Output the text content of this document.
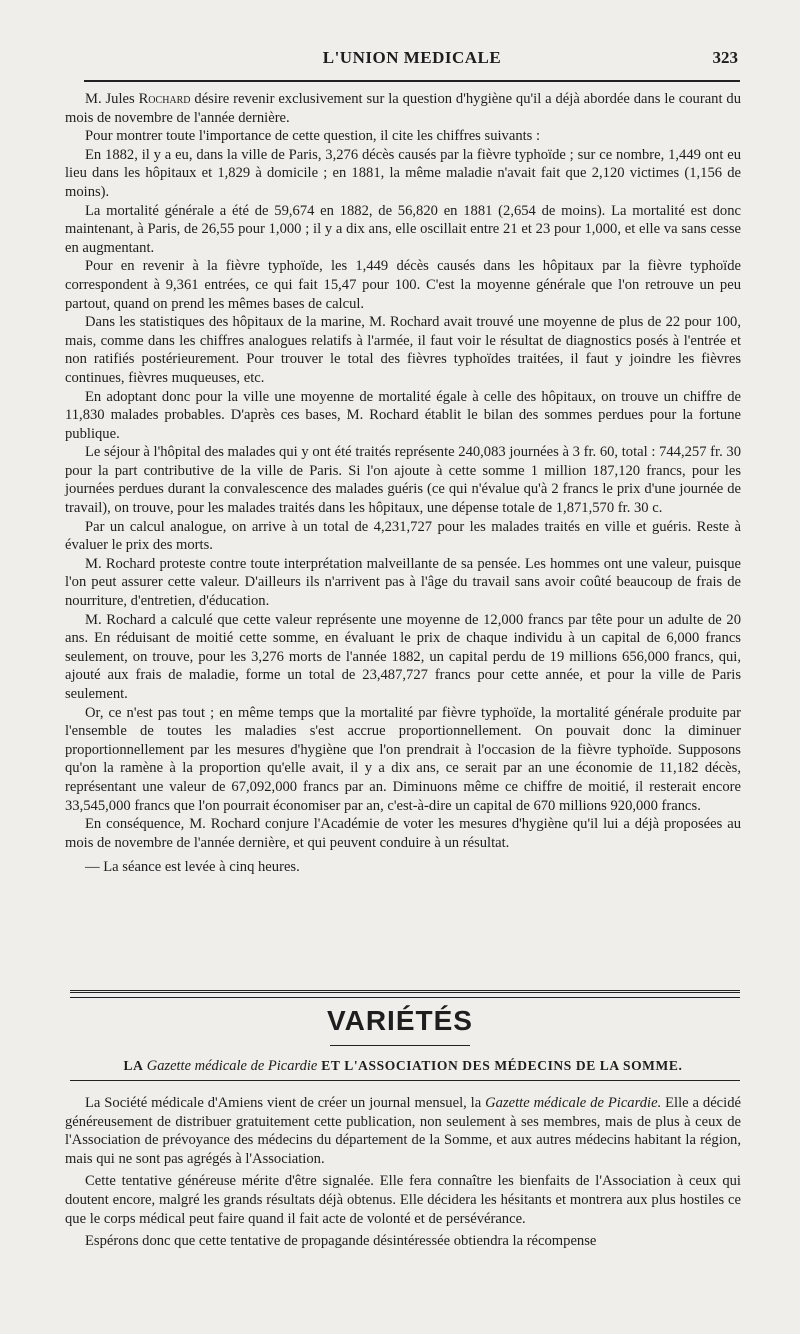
L'UNION MEDICALE	323

M. Jules Rochard désire revenir exclusivement sur la question d'hygiène qu'il a déjà abordée dans le courant du mois de novembre de l'année dernière.

Pour montrer toute l'importance de cette question, il cite les chiffres suivants :

En 1882, il y a eu, dans la ville de Paris, 3,276 décès causés par la fièvre typhoïde ; sur ce nombre, 1,449 ont eu lieu dans les hôpitaux et 1,829 à domicile ; en 1881, la même maladie n'avait fait que 2,120 victimes (1,156 de moins).

La mortalité générale a été de 59,674 en 1882, de 56,820 en 1881 (2,654 de moins). La mortalité est donc maintenant, à Paris, de 26,55 pour 1,000 ; il y a dix ans, elle oscillait entre 21 et 23 pour 1,000, et elle va sans cesse en augmentant.

Pour en revenir à la fièvre typhoïde, les 1,449 décès causés dans les hôpitaux par la fièvre typhoïde correspondent à 9,361 entrées, ce qui fait 15,47 pour 100. C'est la moyenne générale que l'on retrouve un peu partout, quand on prend les mêmes bases de calcul.

Dans les statistiques des hôpitaux de la marine, M. Rochard avait trouvé une moyenne de plus de 22 pour 100, mais, comme dans les chiffres analogues relatifs à l'armée, il faut voir le résultat de diagnostics posés à l'entrée et non ratifiés postérieurement. Pour trouver le total des fièvres typhoïdes traitées, il faut y joindre les fièvres continues, fièvres muqueuses, etc.

En adoptant donc pour la ville une moyenne de mortalité égale à celle des hôpitaux, on trouve un chiffre de 11,830 malades probables. D'après ces bases, M. Rochard établit le bilan des sommes perdues pour la fortune publique.

Le séjour à l'hôpital des malades qui y ont été traités représente 240,083 journées à 3 fr. 60, total : 744,257 fr. 30 pour la part contributive de la ville de Paris. Si l'on ajoute à cette somme 1 million 187,120 francs, pour les journées perdues durant la convalescence des malades guéris (ce qui n'évalue qu'à 2 francs le prix d'une journée de travail), on trouve, pour les malades traités dans les hôpitaux, une dépense totale de 1,871,570 fr. 30 c.

Par un calcul analogue, on arrive à un total de 4,231,727 pour les malades traités en ville et guéris. Reste à évaluer le prix des morts.

M. Rochard proteste contre toute interprétation malveillante de sa pensée. Les hommes ont une valeur, puisque l'on peut assurer cette valeur. D'ailleurs ils n'arrivent pas à l'âge du travail sans avoir coûté beaucoup de frais de nourriture, d'entretien, d'éducation.

M. Rochard a calculé que cette valeur représente une moyenne de 12,000 francs par tête pour un adulte de 20 ans. En réduisant de moitié cette somme, en évaluant le prix de chaque individu à un capital de 6,000 francs seulement, on trouve, pour les 3,276 morts de l'année 1882, un capital perdu de 19 millions 656,000 francs, qui, ajouté aux frais de maladie, forme un total de 23,487,727 francs pour cette année, et pour la ville de Paris seulement.

Or, ce n'est pas tout ; en même temps que la mortalité par fièvre typhoïde, la mortalité générale produite par l'ensemble de toutes les maladies s'est accrue proportionnellement. On pouvait donc la diminuer proportionnellement par les mesures d'hygiène que l'on prendrait à l'occasion de la fièvre typhoïde. Supposons qu'on la ramène à la proportion qu'elle avait, il y a dix ans, ce serait par an une économie de 11,182 décès, représentant une valeur de 67,092,000 francs par an. Diminuons même ce chiffre de moitié, il resterait encore 33,545,000 francs que l'on pourrait économiser par an, c'est-à-dire un capital de 670 millions 920,000 francs.

En conséquence, M. Rochard conjure l'Académie de voter les mesures d'hygiène qu'il lui a déjà proposées au mois de novembre de l'année dernière, et qui peuvent conduire à un résultat.

— La séance est levée à cinq heures.

VARIÉTÉS
LA Gazette médicale de Picardie ET L'ASSOCIATION DES MÉDECINS DE LA SOMME.

La Société médicale d'Amiens vient de créer un journal mensuel, la Gazette médicale de Picardie. Elle a décidé généreusement de distribuer gratuitement cette publication, non seulement à ses membres, mais de plus à ceux de l'Association de prévoyance des médecins du département de la Somme, et aux autres médecins habitant la région, mais qui ne sont pas agrégés à l'Association.

Cette tentative généreuse mérite d'être signalée. Elle fera connaître les bienfaits de l'Association à ceux qui doutent encore, malgré les grands résultats déjà obtenus. Elle décidera les hésitants et montrera aux plus hostiles ce que le corps médical peut faire quand il fait acte de volonté et de persévérance.

Espérons donc que cette tentative de propagande désintéressée obtiendra la récompense
